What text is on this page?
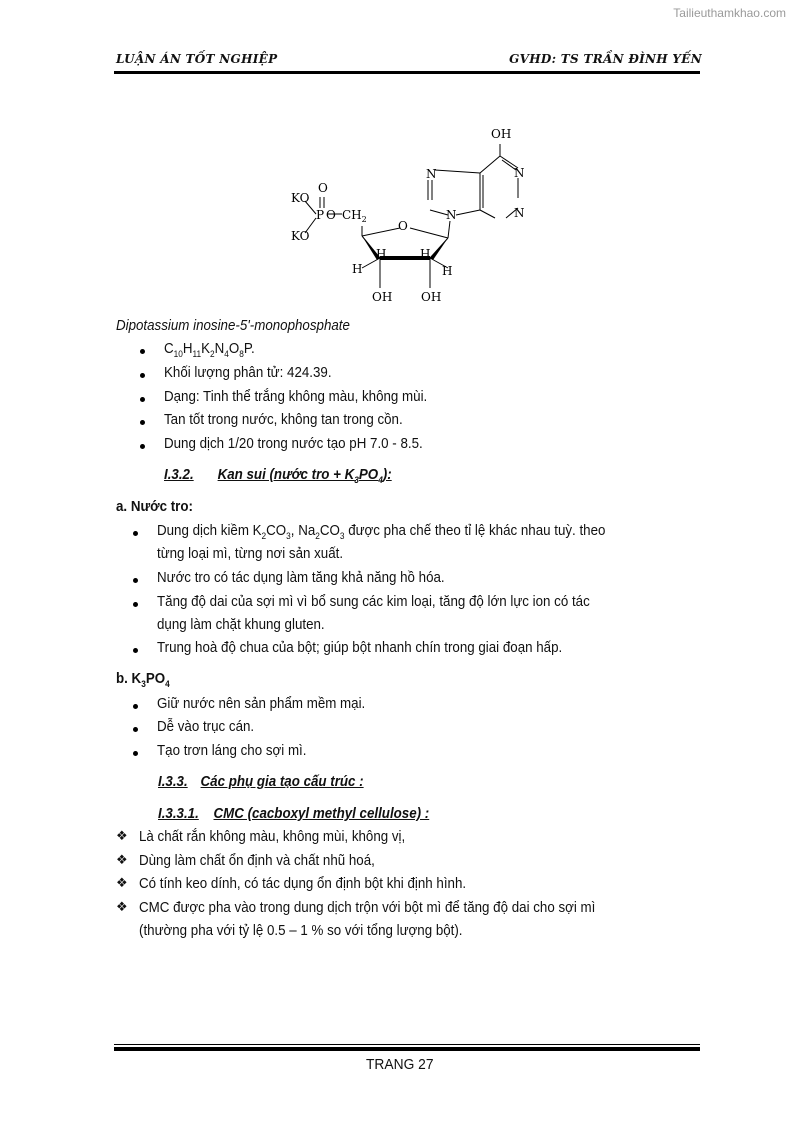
Tailieuthamkhao.com
LUẬN ÁN TỐT NGHIỆP	GVHD: TS TRẦN ĐÌNH YẾN
OH
N
N
N
N
KO
KO
P
O
O $CH_2$	O
H	H
H	H
OH OH
Dipotassium inosine-5'-monophosphate
$C_{10}H_{11}K_2N_4O_8P$.
Khối lượng phân tử: 424.39.
Dạng: Tinh thể trắng không màu, không mùi.
Tan tốt trong nước, không tan trong cồn.
Dung dịch 1/20 trong nước tạo pH 7.0 - 8.5.
I.3.2. Kan sui (nước tro + $K_3PO_4$):
a. Nước tro:
Dung dịch kiềm $K_2CO_3$, $Na_2CO_3$ được pha chế theo tỉ lệ khác nhau tuỳ. theo
từng loại mì, từng nơi sản xuất.
Nước tro có tác dụng làm tăng khả năng hồ hóa.
Tăng độ dai của sợi mì vì bổ sung các kim loại, tăng độ lớn lực ion có tác
dụng làm chặt khung gluten.
Trung hoà độ chua của bột; giúp bột nhanh chín trong giai đoạn hấp.
b. $K_3PO_4$
Giữ nước nên sản phẩm mềm mại.
Dễ vào trục cán.
Tạo trơn láng cho sợi mì.
I.3.3. Các phụ gia tạo cấu trúc :
I.3.3.1. CMC (cacboxyl methyl cellulose) :
❖ Là chất rắn không màu, không mùi, không vị,
❖ Dùng làm chất ổn định và chất nhũ hoá,
❖ Có tính keo dính, có tác dụng ổn định bột khi định hình.
❖ CMC được pha vào trong dung dịch trộn với bột mì để tăng độ dai cho sợi mì
(thường pha với tỷ lệ 0.5 – 1 % so với tổng lượng bột).
TRANG 27
